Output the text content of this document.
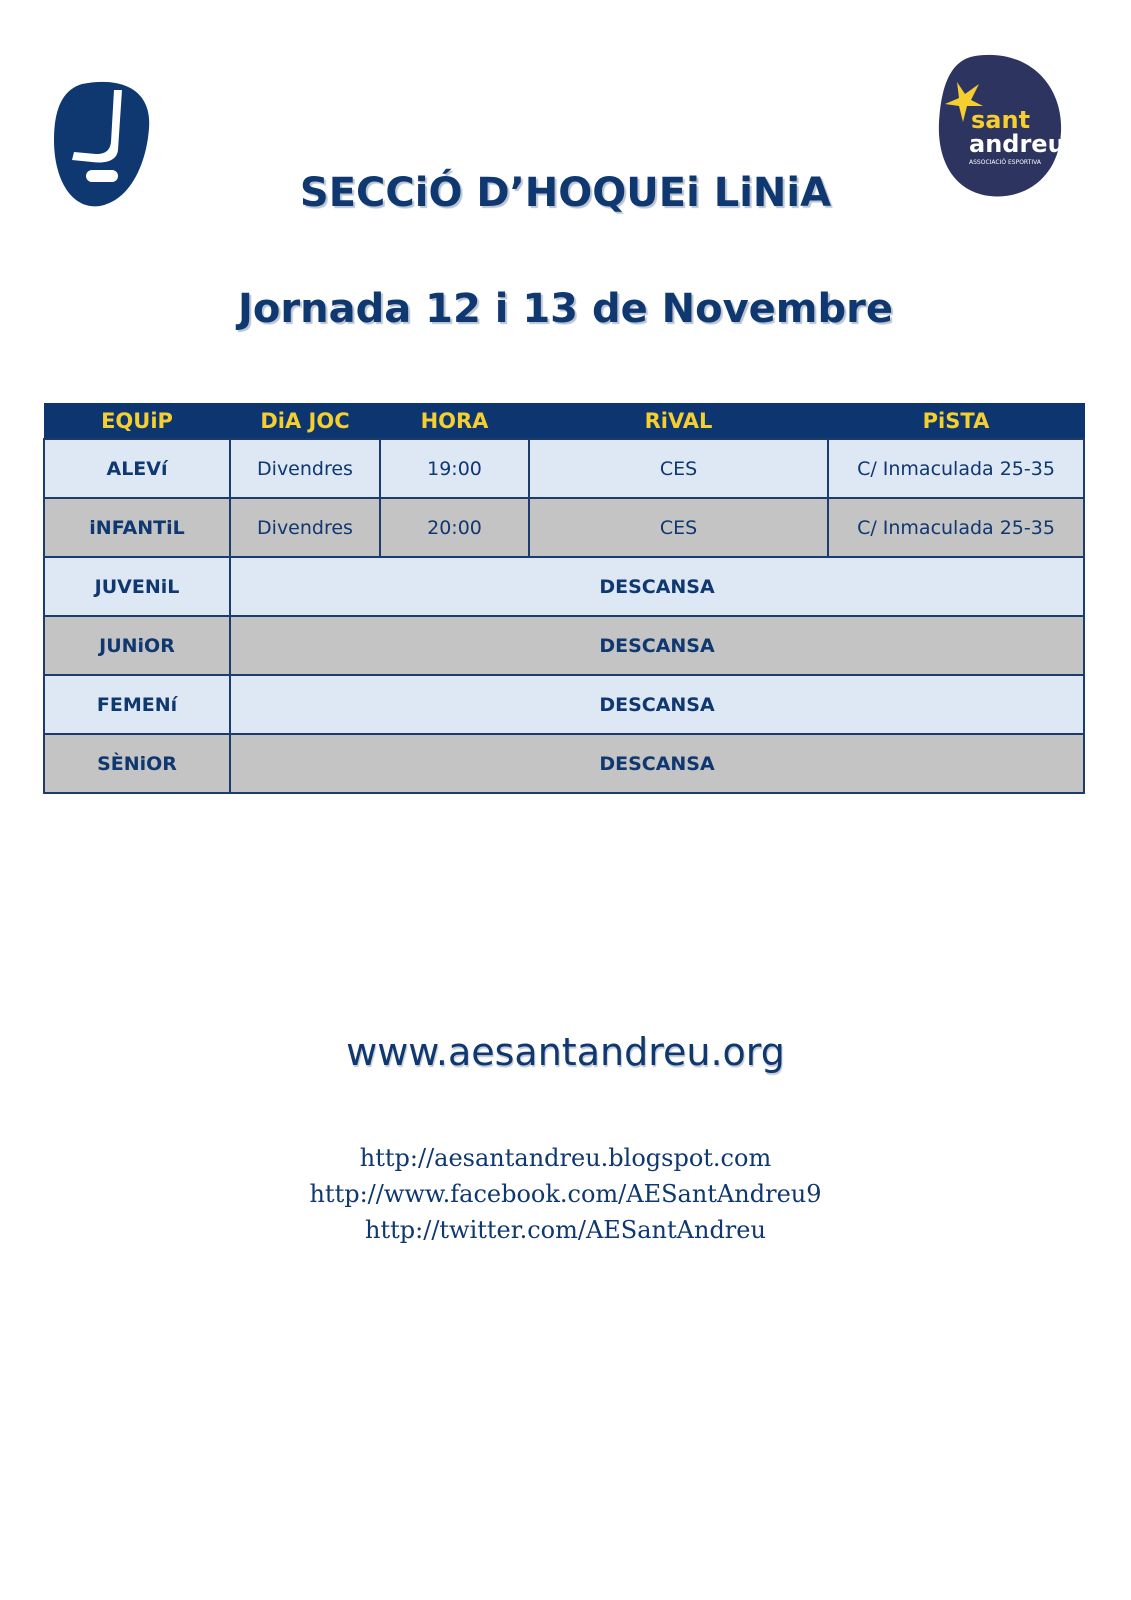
sant
andreu
ASSOCIACIÓ ESPORTIVA
SECCiÓ D’HOQUEi LiNiA
Jornada 12 i 13 de Novembre
EQUiP	DiA JOC	HORA	RiVAL	PiSTA
ALEVí	Divendres	19:00	CES	C/ Inmaculada 25-35
iNFANTiL	Divendres	20:00	CES	C/ Inmaculada 25-35
JUVENiL	DESCANSA			
JUNiOR	DESCANSA			
FEMENí	DESCANSA			
SÈNiOR	DESCANSA			
www.aesantandreu.org
http://aesantandreu.blogspot.com
http://www.facebook.com/AESantAndreu9
http://twitter.com/AESantAndreu
